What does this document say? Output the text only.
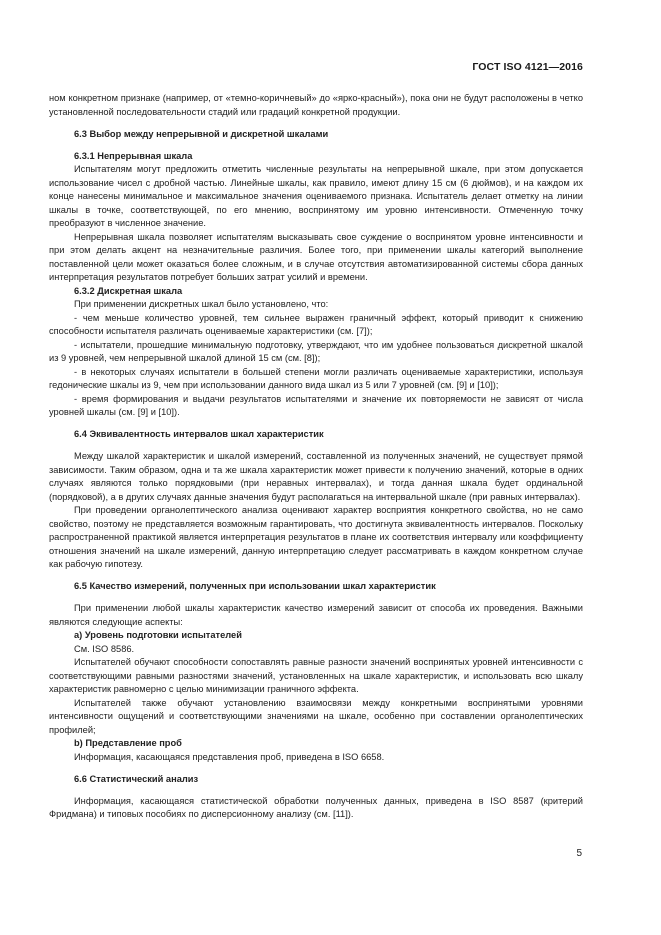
ГОСТ ISO 4121—2016

ном конкретном признаке (например, от «темно-коричневый» до «ярко-красный»), пока они не будут расположены в четко установленной последовательности стадий или градаций конкретной продукции.

6.3 Выбор между непрерывной и дискретной шкалами

6.3.1 Непрерывная шкала

Испытателям могут предложить отметить численные результаты на непрерывной шкале, при этом допускается использование чисел с дробной частью. Линейные шкалы, как правило, имеют длину 15 см (6 дюймов), и на каждом их конце нанесены минимальное и максимальное значения оцениваемого признака. Испытатель делает отметку на линии шкалы в точке, соответствующей, по его мнению, воспринятому им уровню интенсивности. Отмеченную точку преобразуют в численное значение.

Непрерывная шкала позволяет испытателям высказывать свое суждение о воспринятом уровне интенсивности и при этом делать акцент на незначительные различия. Более того, при применении шкалы категорий выполнение поставленной цели может оказаться более сложным, и в случае отсутствия автоматизированной системы сбора данных интерпретация результатов потребует больших затрат усилий и времени.

6.3.2 Дискретная шкала

При применении дискретных шкал было установлено, что:

- чем меньше количество уровней, тем сильнее выражен граничный эффект, который приводит к снижению способности испытателя различать оцениваемые характеристики (см. [7]);

- испытатели, прошедшие минимальную подготовку, утверждают, что им удобнее пользоваться дискретной шкалой из 9 уровней, чем непрерывной шкалой длиной 15 см (см. [8]);

- в некоторых случаях испытатели в большей степени могли различать оцениваемые характеристики, используя гедонические шкалы из 9, чем при использовании данного вида шкал из 5 или 7 уровней (см. [9] и [10]);

- время формирования и выдачи результатов испытателями и значение их повторяемости не зависят от числа уровней шкалы (см. [9] и [10]).

6.4 Эквивалентность интервалов шкал характеристик

Между шкалой характеристик и шкалой измерений, составленной из полученных значений, не существует прямой зависимости. Таким образом, одна и та же шкала характеристик может привести к получению значений, которые в одних случаях являются только порядковыми (при неравных интервалах), и тогда данная шкала будет ординальной (порядковой), а в других случаях данные значения будут располагаться на интервальной шкале (при равных интервалах).

При проведении органолептического анализа оценивают характер восприятия конкретного свойства, но не само свойство, поэтому не представляется возможным гарантировать, что достигнута эквивалентность интервалов. Поскольку распространенной практикой является интерпретация результатов в плане их соответствия интервалу или коэффициенту отношения значений на шкале измерений, данную интерпретацию следует рассматривать в каждом конкретном случае как рабочую гипотезу.

6.5 Качество измерений, полученных при использовании шкал характеристик

При применении любой шкалы характеристик качество измерений зависит от способа их проведения. Важными являются следующие аспекты:

а) Уровень подготовки испытателей

См. ISO 8586.

Испытателей обучают способности сопоставлять равные разности значений воспринятых уровней интенсивности с соответствующими равными разностями значений, установленных на шкале характеристик, и использовать всю шкалу характеристик равномерно с целью минимизации граничного эффекта.

Испытателей также обучают установлению взаимосвязи между конкретными воспринятыми уровнями интенсивности ощущений и соответствующими значениями на шкале, особенно при составлении органолептических профилей;

b) Представление проб

Информация, касающаяся представления проб, приведена в ISO 6658.

6.6 Статистический анализ

Информация, касающаяся статистической обработки полученных данных, приведена в ISO 8587 (критерий Фридмана) и типовых пособиях по дисперсионному анализу (см. [11]).

5
